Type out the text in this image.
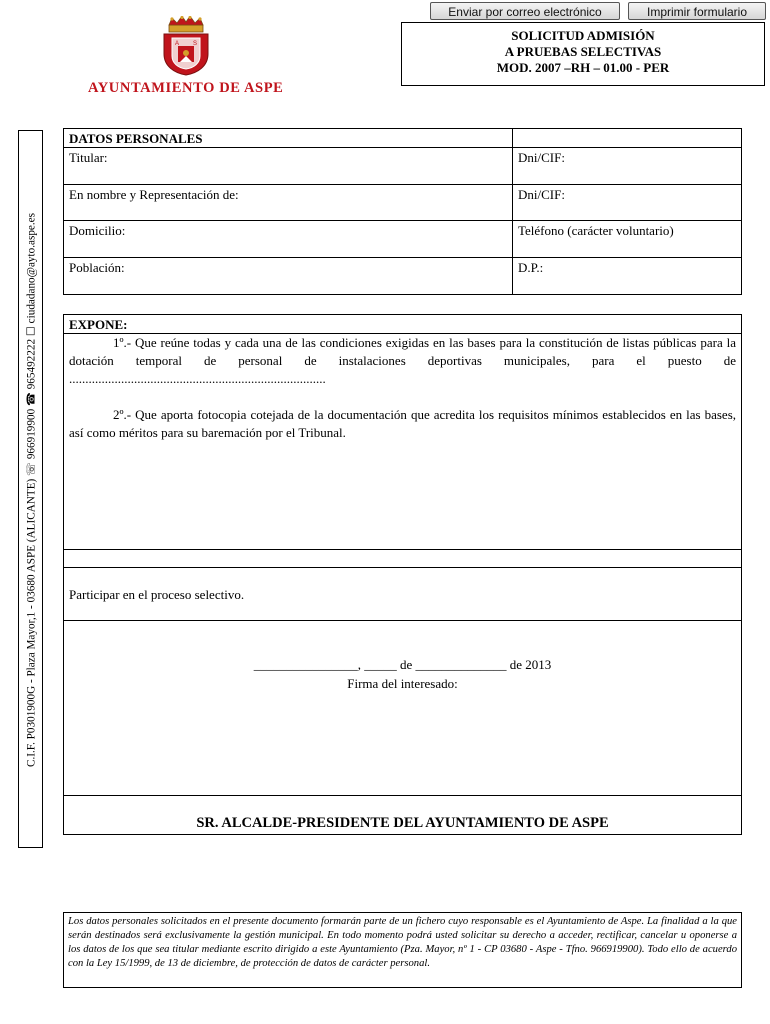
Enviar por correo electrónico	Imprimir formulario
A S
AYUNTAMIENTO DE ASPE
SOLICITUD ADMISIÓN
A PRUEBAS SELECTIVAS
MOD. 2007 –RH – 01.00 - PER
C.I.F. P0301900G - Plaza Mayor,1 - 03680 ASPE (ALICANTE) ☏ 966919900 ☎ 965492222 ☐ ciudadano@ayto.aspe.es
DATOS PERSONALES
Titular:	Dni/CIF:
En nombre y Representación de:	Dni/CIF:
Domicilio:	Teléfono (carácter voluntario)
Población:	D.P.:
EXPONE:
1º.- Que reúne todas y cada una de las condiciones exigidas en las bases para la constitución de listas públicas para la dotación temporal de personal de instalaciones deportivas municipales, para el puesto de ...............................................................................
2º.- Que aporta fotocopia cotejada de la documentación que acredita los requisitos mínimos establecidos en las bases, así como méritos para su baremación por el Tribunal.
Participar en el proceso selectivo.
________________, _____ de ______________ de 2013
Firma del interesado:
SR. ALCALDE-PRESIDENTE DEL AYUNTAMIENTO DE ASPE
Los datos personales solicitados en el presente documento formarán parte de un fichero cuyo responsable es el Ayuntamiento de Aspe. La finalidad a la que serán destinados será exclusivamente la gestión municipal. En todo momento podrá usted solicitar su derecho a acceder, rectificar, cancelar u oponerse a los datos de los que sea titular mediante escrito dirigido a este Ayuntamiento (Pza. Mayor, nº 1 - CP 03680 - Aspe - Tfno. 966919900). Todo ello de acuerdo con la Ley 15/1999, de 13 de diciembre, de protección de datos de carácter personal.
